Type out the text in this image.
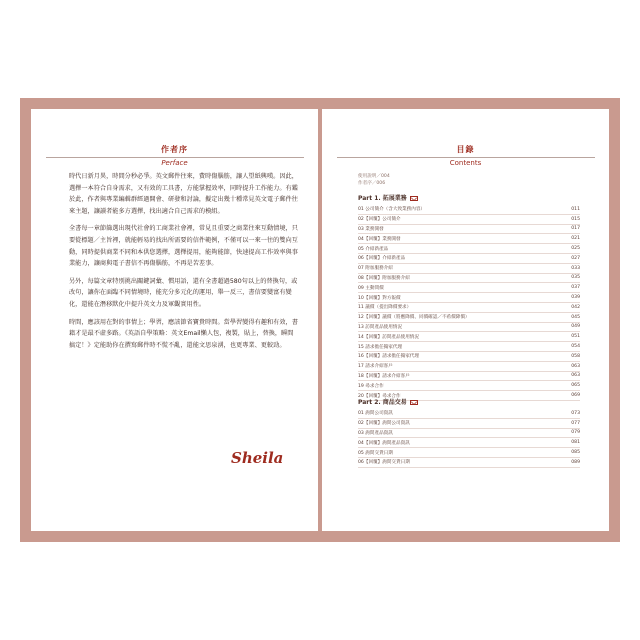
作者序
Perface

時代日新月異，時間分秒必爭。英文郵件往來，費時傷腦筋，讓人望紙興嘆。因此，選擇一本符合自身需求，又有效的工具書，方能掌握效率，同時提升工作能力。有鑑於此，作者與專業編輯群經過開會、研發和討論，擬定出幾十種常見英文電子郵件往來主題，讓讀者能多方選擇，找出適合自己需求的模組。

全書每一章節篩選出現代社會的工商業社會裡，常見且重要之商業往來互動情境，只要從標題／主旨裡，就能輕易的找出所需要的信件範例，不僅可以一來一往的雙向互動，同時提供商業不同和本供您選擇，選擇提用，能夠能節，快速提高工作效率與事業能力，讓商與電子書信不再傷腦筋，不再是苦差事。

另外，每篇文章特別挑出關鍵詞彙、慣用語，還有全書超過580句以上的替換句，或改句，讓你在面臨不同情境時，能充分多元化的運用，舉一反三，書信要變富有變化，還能在潛移默化中提升英文力及軍觀實用性。

時間，應該用在對的事情上；學習，應該節省寶貴時間。當學習變得有趣和有效，書籍才是最不虛多路。《英語自學策略：英文Email懶人包，複製，貼上，替換，瞬間搞定！》定能助你在撰寫郵件時不慌不亂，還能文思泉湧，也更專業、更較勁。

Sheila
目錄
Contents
使用說明／004
作者序／006
Part 1. 拓展業務
01 公司簡介（含大致業務內容）	011
02【回覆】公司簡介	015
03 業務開發	017
04【回覆】業務開發	021
05 介紹新產品	025
06【回覆】介紹新產品	027
07 附加服務介紹	033
08【回覆】附加服務介紹	035
09 主動問價	037
10【回覆】對方報價	039
11 議價（提出降價要求）	042
12【回覆】議價（將應降價、同價確認／不希價降價）	045
13 訪問產品使用情況	049
14【回覆】訪問產品使用情況	051
15 請求擔任獨家代理	054
16【回覆】請求擔任獨家代理	058
17 請求介紹客戶	063
18【回覆】請求介紹客戶	063
19 尋求合作	065
20【回覆】尋求合作	069
Part 2. 商品交易
01 詢問公司資訊	073
02【回覆】詢問公司資訊	077
03 詢問產品資訊	079
04【回覆】詢問產品資訊	081
05 詢問交貨日期	085
06【回覆】詢問交貨日期	089
